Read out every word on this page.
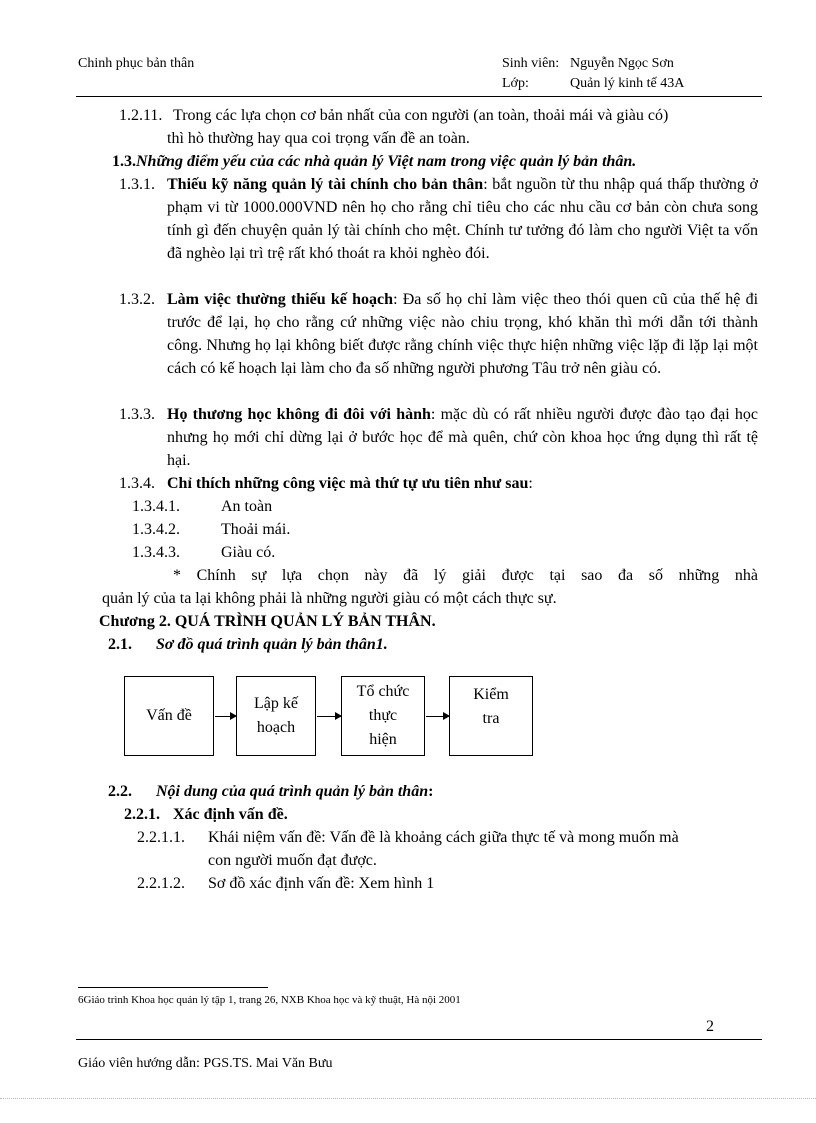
Chinh phục bản thân	Sinh viên: Nguyễn Ngọc Sơn
Lớp:	Quản lý kinh tế 43A
1.2.11. Trong các lựa chọn cơ bản nhất của con người (an toàn, thoải mái và giàu có)
thì hò thường hay qua coi trọng vấn đề an toàn.
1.3.Những điểm yếu của các nhà quản lý Việt nam trong việc quản lý bản thân.
1.3.1. Thiếu kỹ năng quản lý tài chính cho bản thân: bắt nguồn từ thu nhập quá thấp thường ở phạm vi từ 1000.000VND nên họ cho rằng chỉ tiêu cho các nhu cầu cơ bản còn chưa song tính gì đến chuyện quản lý tài chính cho mệt. Chính tư tưởng đó làm cho người Việt ta vốn đã nghèo lại trì trệ rất khó thoát ra khỏi nghèo đói.
1.3.2. Làm việc thường thiếu kế hoạch: Đa số họ chỉ làm việc theo thói quen cũ của thế hệ đi trước để lại, họ cho rằng cứ những việc nào chiu trọng, khó khăn thì mới dẫn tới thành công. Nhưng họ lại không biết được rằng chính việc thực hiện những việc lặp đi lặp lại một cách có kế hoạch lại làm cho đa số những người phương Tâu trở nên giàu có.
1.3.3. Họ thương học không đi đôi với hành: mặc dù có rất nhiều người được đào tạo đại học nhưng họ mới chỉ dừng lại ở bước học để mà quên, chứ còn khoa học ứng dụng thì rất tệ hại.
1.3.4. Chỉ thích những công việc mà thứ tự ưu tiên như sau:
1.3.4.1.	An toàn
1.3.4.2.	Thoải mái.
1.3.4.3.	Giàu có.
* Chính sự lựa chọn này đã lý giải được tại sao đa số những nhà
quản lý của ta lại không phải là những người giàu có một cách thực sự.
Chương 2. QUÁ TRÌNH QUẢN LÝ BẢN THÂN.
2.1. Sơ đồ quá trình quản lý bản thân1.
Vấn đề
Lập kế
hoạch
Tổ chức
thực
hiện
Kiểm
tra
2.2. Nội dung của quá trình quản lý bản thân:
2.2.1. Xác định vấn đề.
2.2.1.1. Khái niệm vấn đề: Vấn đề là khoảng cách giữa thực tế và mong muốn mà
con người muốn đạt được.
2.2.1.2. Sơ đồ xác định vấn đề: Xem hình 1
6Giáo trình Khoa học quản lý tập 1, trang 26, NXB Khoa học và kỹ thuật, Hà nội 2001
2
Giáo viên hướng dẫn: PGS.TS. Mai Văn Bưu
